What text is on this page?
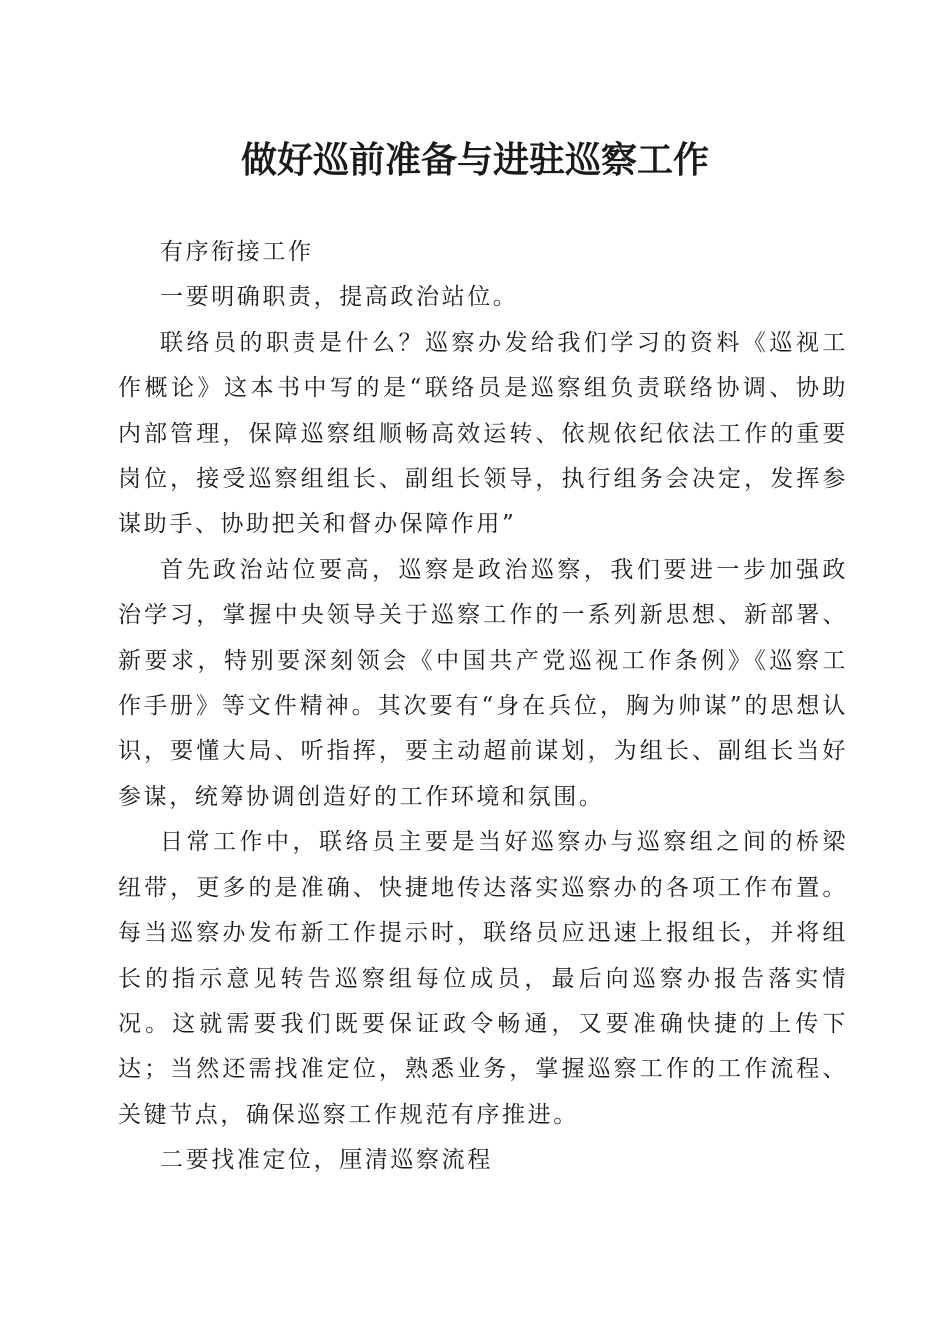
做好巡前准备与进驻巡察工作

有序衔接工作

一要明确职责，提高政治站位。

联络员的职责是什么？巡察办发给我们学习的资料《巡视工作概论》这本书中写的是“联络员是巡察组负责联络协调、协助内部管理，保障巡察组顺畅高效运转、依规依纪依法工作的重要岗位，接受巡察组组长、副组长领导，执行组务会决定，发挥参谋助手、协助把关和督办保障作用”

首先政治站位要高，巡察是政治巡察，我们要进一步加强政治学习，掌握中央领导关于巡察工作的一系列新思想、新部署、新要求，特别要深刻领会《中国共产党巡视工作条例》《巡察工作手册》等文件精神。其次要有“身在兵位，胸为帅谋”的思想认识，要懂大局、听指挥，要主动超前谋划，为组长、副组长当好参谋，统筹协调创造好的工作环境和氛围。

日常工作中，联络员主要是当好巡察办与巡察组之间的桥梁纽带，更多的是准确、快捷地传达落实巡察办的各项工作布置。每当巡察办发布新工作提示时，联络员应迅速上报组长，并将组长的指示意见转告巡察组每位成员，最后向巡察办报告落实情况。这就需要我们既要保证政令畅通，又要准确快捷的上传下达；当然还需找准定位，熟悉业务，掌握巡察工作的工作流程、关键节点，确保巡察工作规范有序推进。

二要找准定位，厘清巡察流程
